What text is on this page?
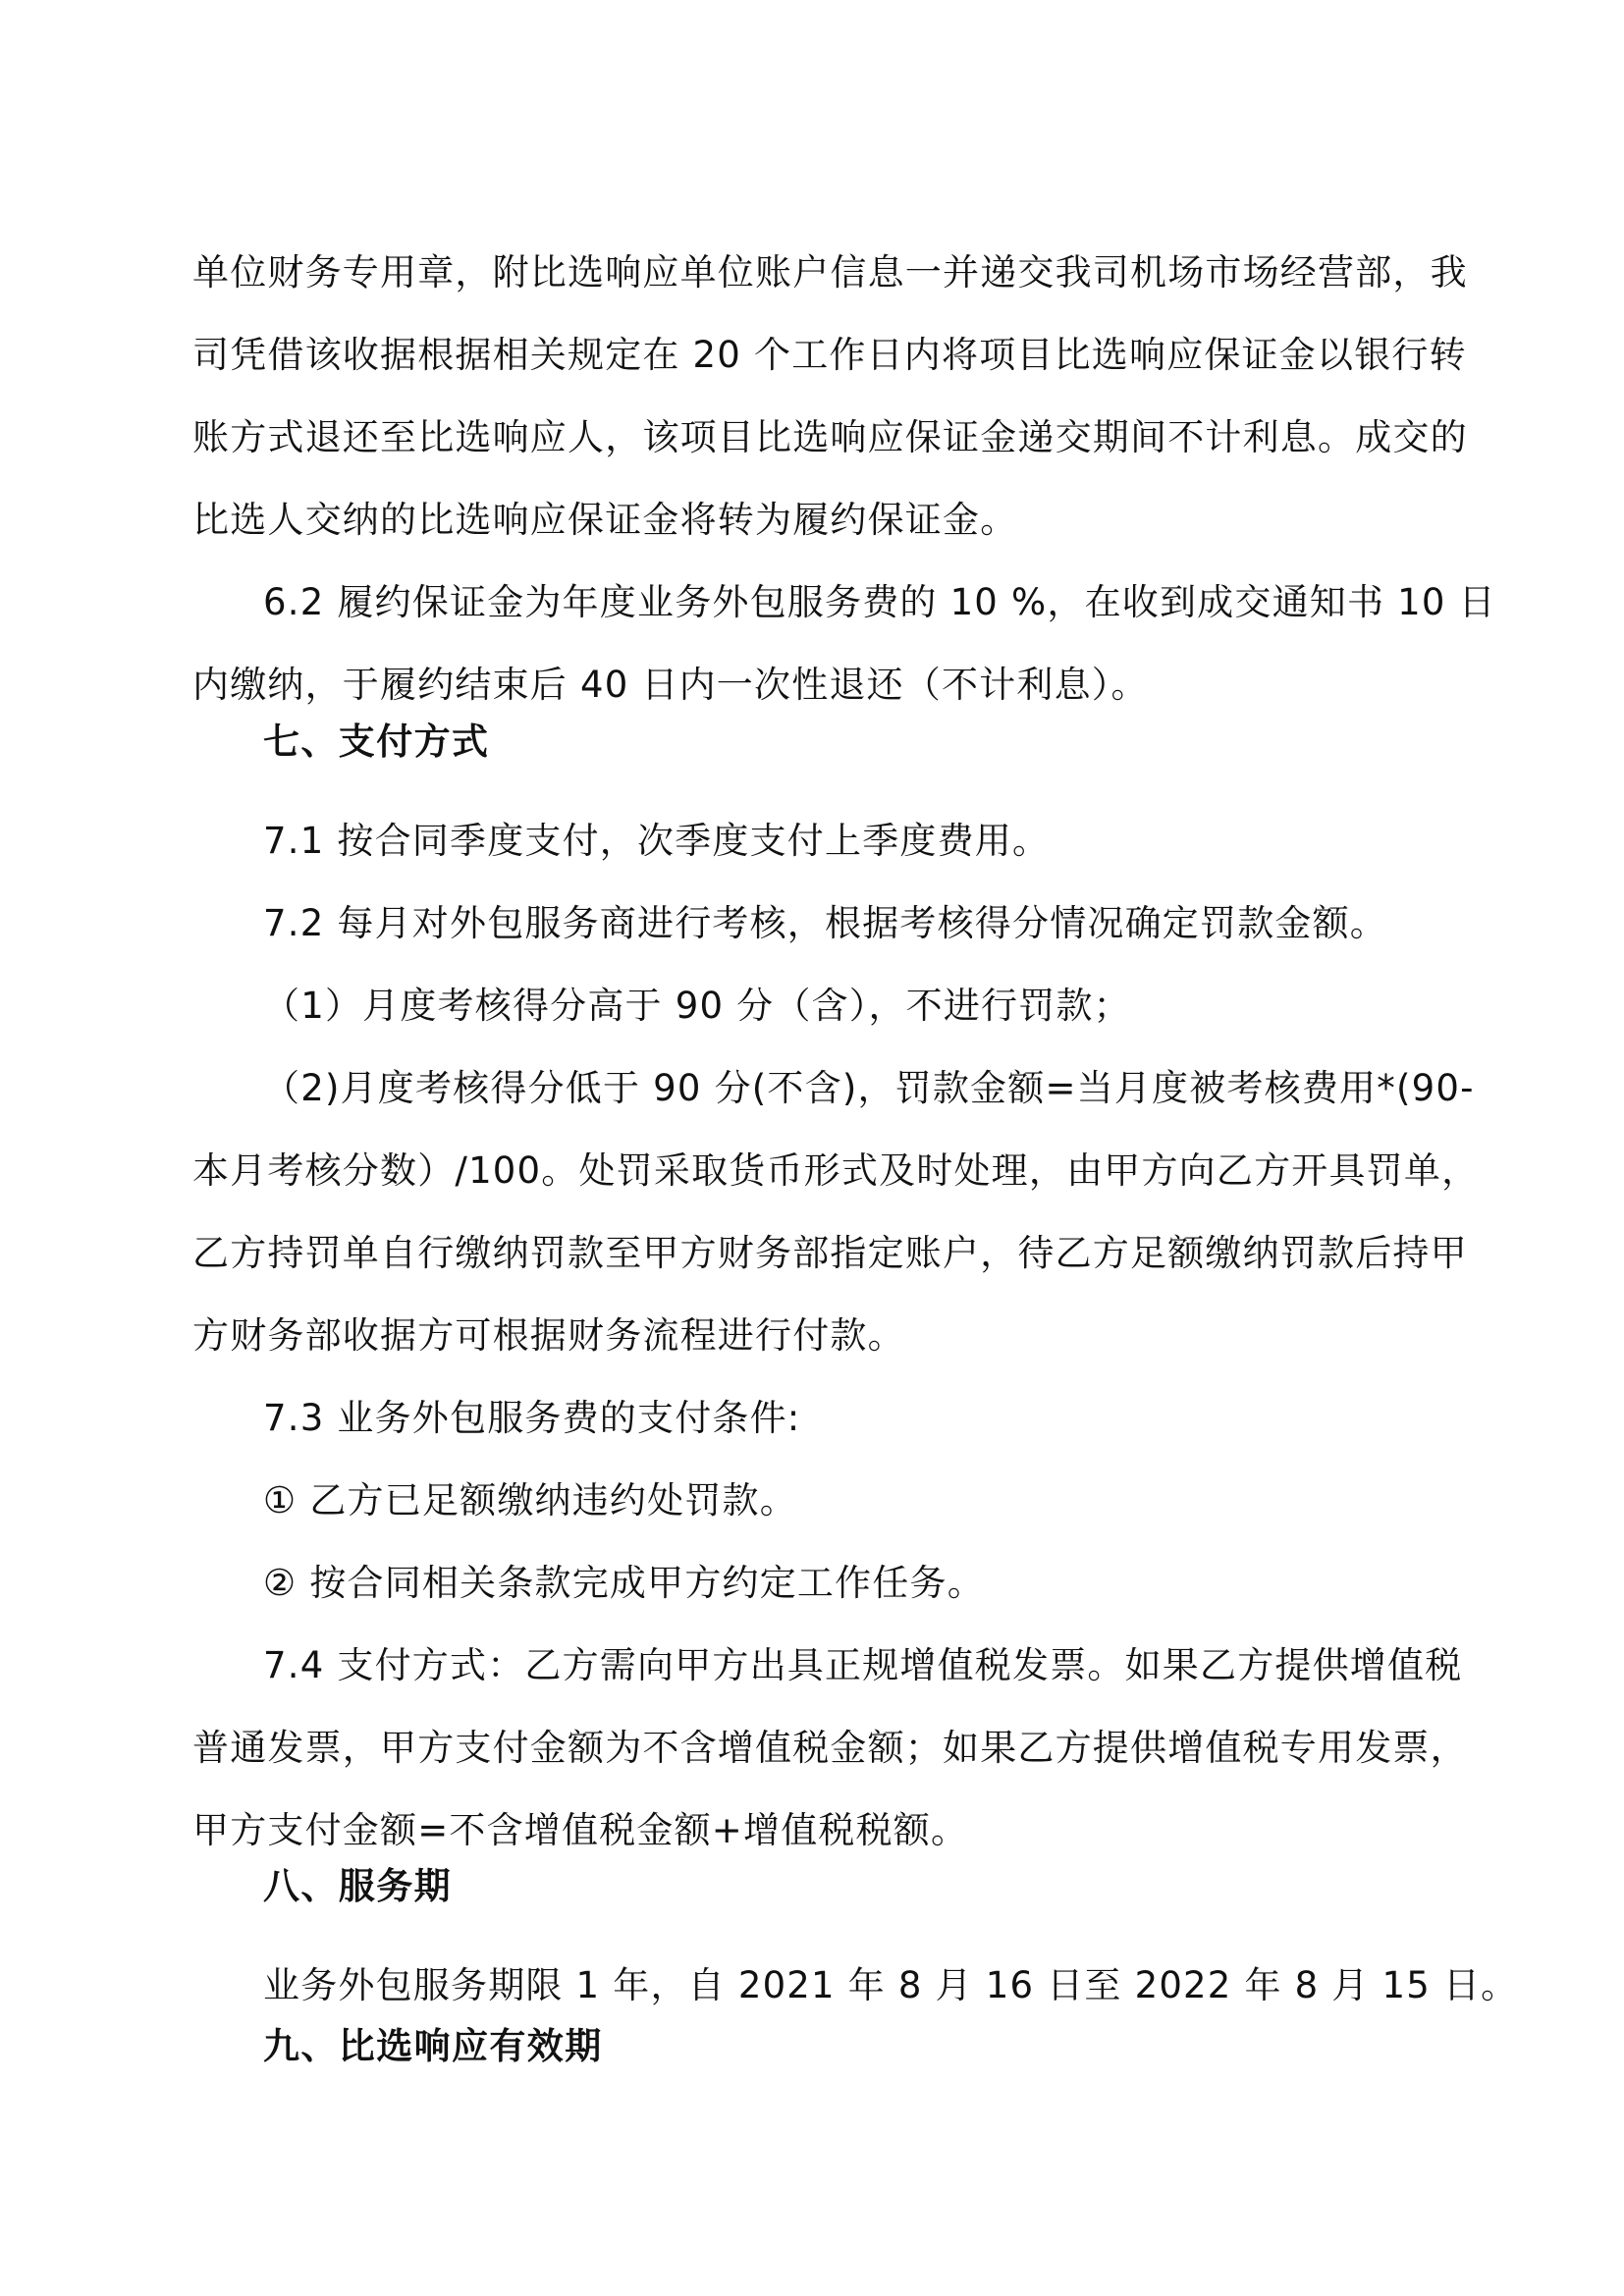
单位财务专用章，附比选响应单位账户信息一并递交我司机场市场经营部，我
司凭借该收据根据相关规定在 20 个工作日内将项目比选响应保证金以银行转
账方式退还至比选响应人，该项目比选响应保证金递交期间不计利息。成交的
比选人交纳的比选响应保证金将转为履约保证金。
6.2 履约保证金为年度业务外包服务费的 10 %，在收到成交通知书 10 日
内缴纳，于履约结束后 40 日内一次性退还（不计利息）。
七、支付方式
7.1 按合同季度支付，次季度支付上季度费用。
7.2 每月对外包服务商进行考核，根据考核得分情况确定罚款金额。
（1）月度考核得分高于 90 分（含），不进行罚款；
（2)月度考核得分低于 90 分(不含)，罚款金额=当月度被考核费用*(90-
本月考核分数）/100。处罚采取货币形式及时处理，由甲方向乙方开具罚单，
乙方持罚单自行缴纳罚款至甲方财务部指定账户，待乙方足额缴纳罚款后持甲
方财务部收据方可根据财务流程进行付款。
7.3 业务外包服务费的支付条件:
① 乙方已足额缴纳违约处罚款。
② 按合同相关条款完成甲方约定工作任务。
7.4 支付方式：乙方需向甲方出具正规增值税发票。如果乙方提供增值税
普通发票，甲方支付金额为不含增值税金额；如果乙方提供增值税专用发票，
甲方支付金额=不含增值税金额+增值税税额。
八、服务期
业务外包服务期限 1 年，自 2021 年 8 月 16 日至 2022 年 8 月 15 日。
九、比选响应有效期
